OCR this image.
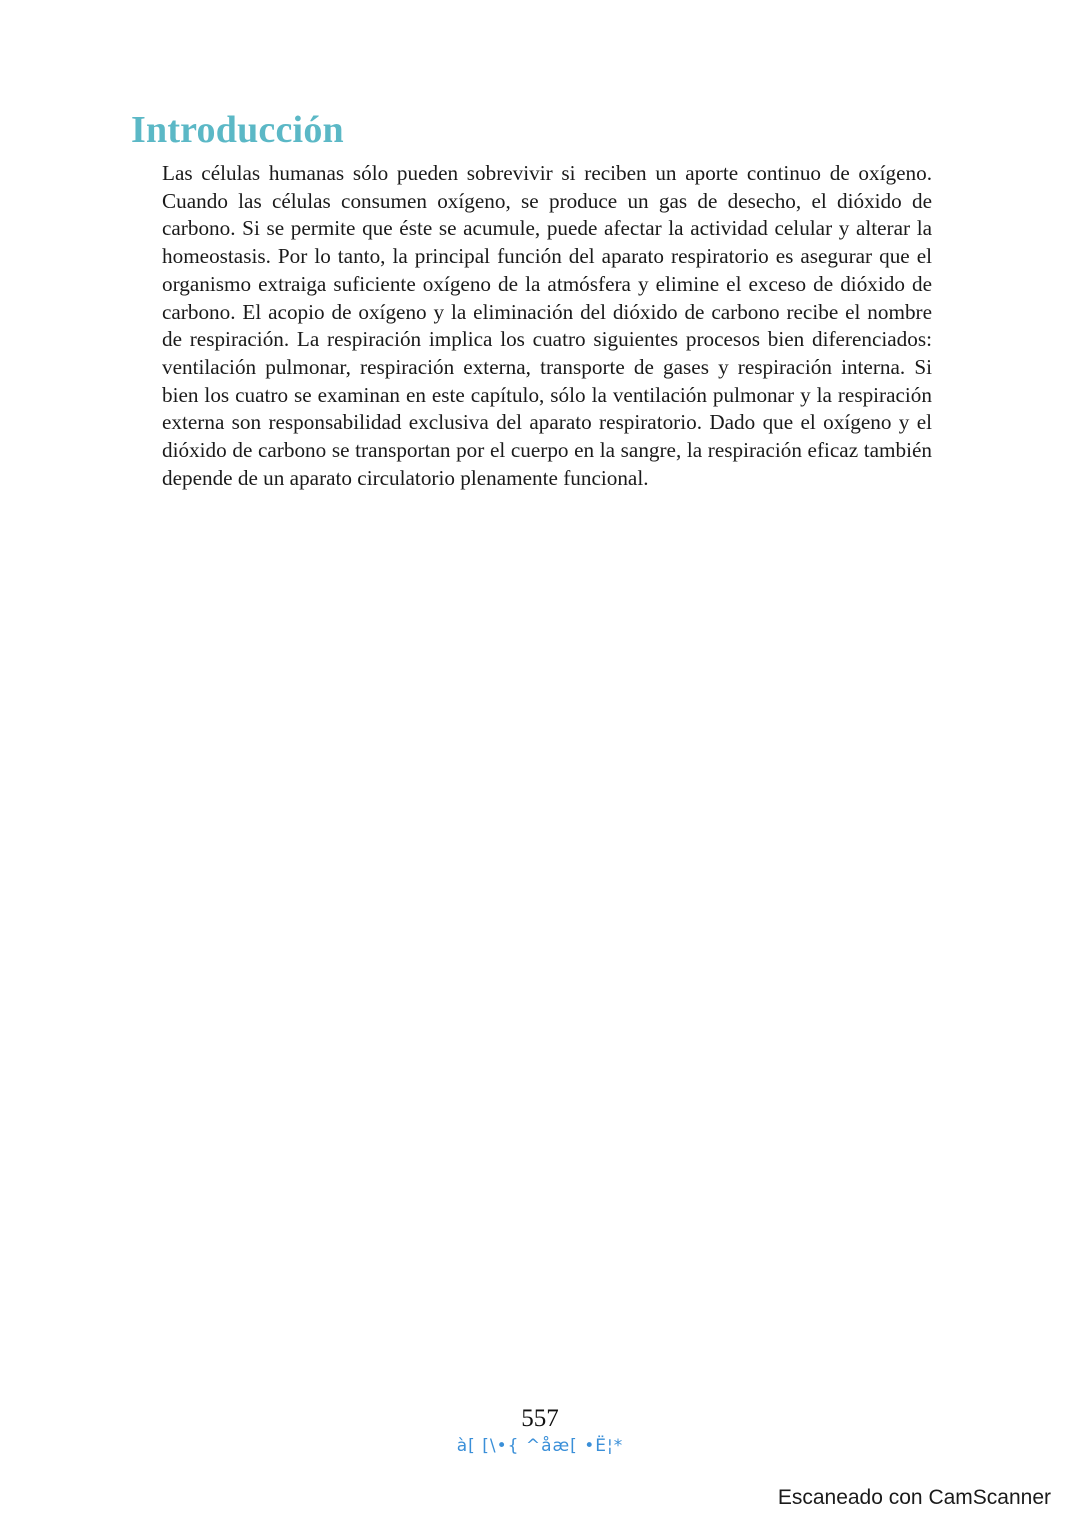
Introducción

Las células humanas sólo pueden sobrevivir si reciben un aporte continuo de oxígeno. Cuando las células consumen oxígeno, se produce un gas de desecho, el dióxido de carbono. Si se permite que éste se acumule, puede afectar la actividad celular y alterar la homeostasis. Por lo tanto, la principal función del aparato respiratorio es asegurar que el organismo extraiga suficiente oxígeno de la atmósfera y elimine el exceso de dióxido de carbono. El acopio de oxígeno y la eliminación del dióxido de carbono recibe el nombre de respiración. La respiración implica los cuatro siguientes procesos bien diferenciados: ventilación pulmonar, respiración externa, transporte de gases y respiración interna. Si bien los cuatro se examinan en este capítulo, sólo la ventilación pulmonar y la respiración externa son responsabilidad exclusiva del aparato respiratorio. Dado que el oxígeno y el dióxido de carbono se transportan por el cuerpo en la sangre, la respiración eficaz también depende de un aparato circulatorio plenamente funcional.

557
à[ [\•{ ^åæ[ •Ë¦*
Escaneado con CamScanner
